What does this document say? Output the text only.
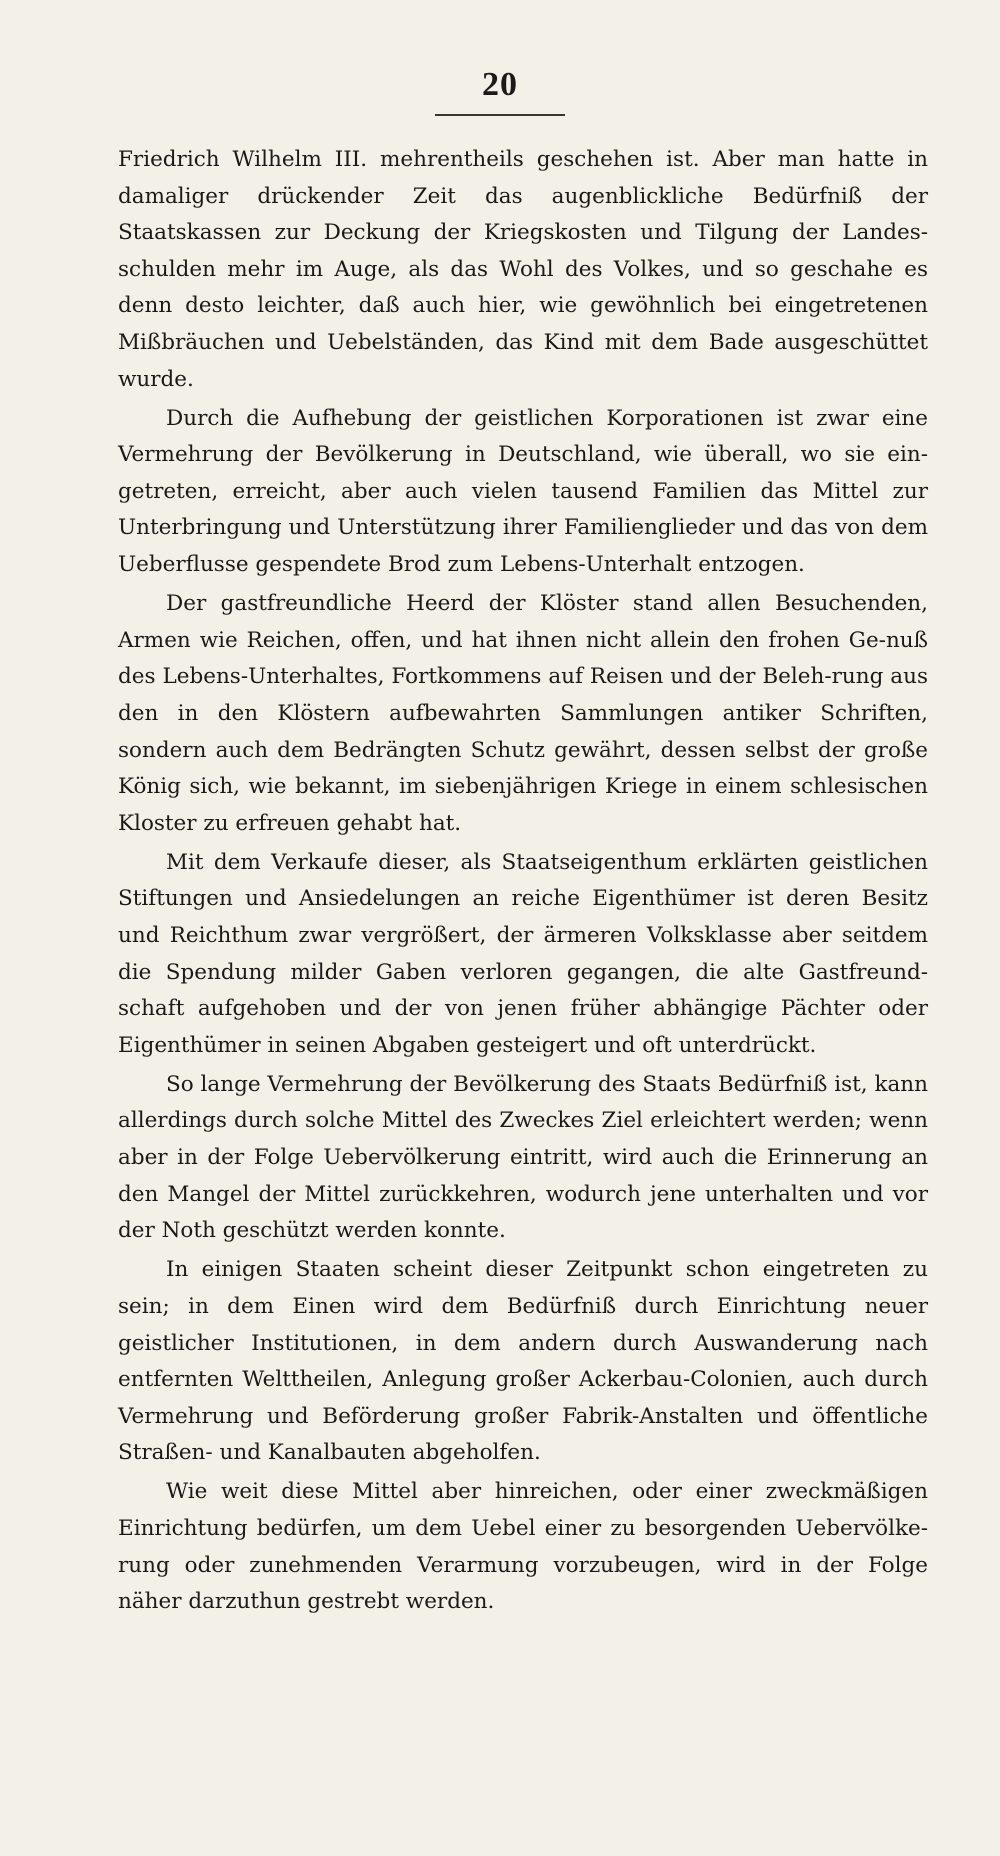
20

Friedrich Wilhelm III. mehrentheils geschehen ist. Aber man hatte in damaliger drückender Zeit das augenblickliche Bedürfniß der Staatskassen zur Deckung der Kriegskosten und Tilgung der Landes-schulden mehr im Auge, als das Wohl des Volkes, und so geschahe es denn desto leichter, daß auch hier, wie gewöhnlich bei eingetretenen Mißbräuchen und Uebelständen, das Kind mit dem Bade ausgeschüttet wurde.

Durch die Aufhebung der geistlichen Korporationen ist zwar eine Vermehrung der Bevölkerung in Deutschland, wie überall, wo sie ein-getreten, erreicht, aber auch vielen tausend Familien das Mittel zur Unterbringung und Unterstützung ihrer Familienglieder und das von dem Ueberflusse gespendete Brod zum Lebens-Unterhalt entzogen.

Der gastfreundliche Heerd der Klöster stand allen Besuchenden, Armen wie Reichen, offen, und hat ihnen nicht allein den frohen Ge-nuß des Lebens-Unterhaltes, Fortkommens auf Reisen und der Beleh-rung aus den in den Klöstern aufbewahrten Sammlungen antiker Schriften, sondern auch dem Bedrängten Schutz gewährt, dessen selbst der große König sich, wie bekannt, im siebenjährigen Kriege in einem schlesischen Kloster zu erfreuen gehabt hat.

Mit dem Verkaufe dieser, als Staatseigenthum erklärten geistlichen Stiftungen und Ansiedelungen an reiche Eigenthümer ist deren Besitz und Reichthum zwar vergrößert, der ärmeren Volksklasse aber seitdem die Spendung milder Gaben verloren gegangen, die alte Gastfreund-schaft aufgehoben und der von jenen früher abhängige Pächter oder Eigenthümer in seinen Abgaben gesteigert und oft unterdrückt.

So lange Vermehrung der Bevölkerung des Staats Bedürfniß ist, kann allerdings durch solche Mittel des Zweckes Ziel erleichtert werden; wenn aber in der Folge Uebervölkerung eintritt, wird auch die Erinnerung an den Mangel der Mittel zurückkehren, wodurch jene unterhalten und vor der Noth geschützt werden konnte.

In einigen Staaten scheint dieser Zeitpunkt schon eingetreten zu sein; in dem Einen wird dem Bedürfniß durch Einrichtung neuer geistlicher Institutionen, in dem andern durch Auswanderung nach entfernten Welttheilen, Anlegung großer Ackerbau-Colonien, auch durch Vermehrung und Beförderung großer Fabrik-Anstalten und öffentliche Straßen- und Kanalbauten abgeholfen.

Wie weit diese Mittel aber hinreichen, oder einer zweckmäßigen Einrichtung bedürfen, um dem Uebel einer zu besorgenden Uebervölke-rung oder zunehmenden Verarmung vorzubeugen, wird in der Folge näher darzuthun gestrebt werden.
